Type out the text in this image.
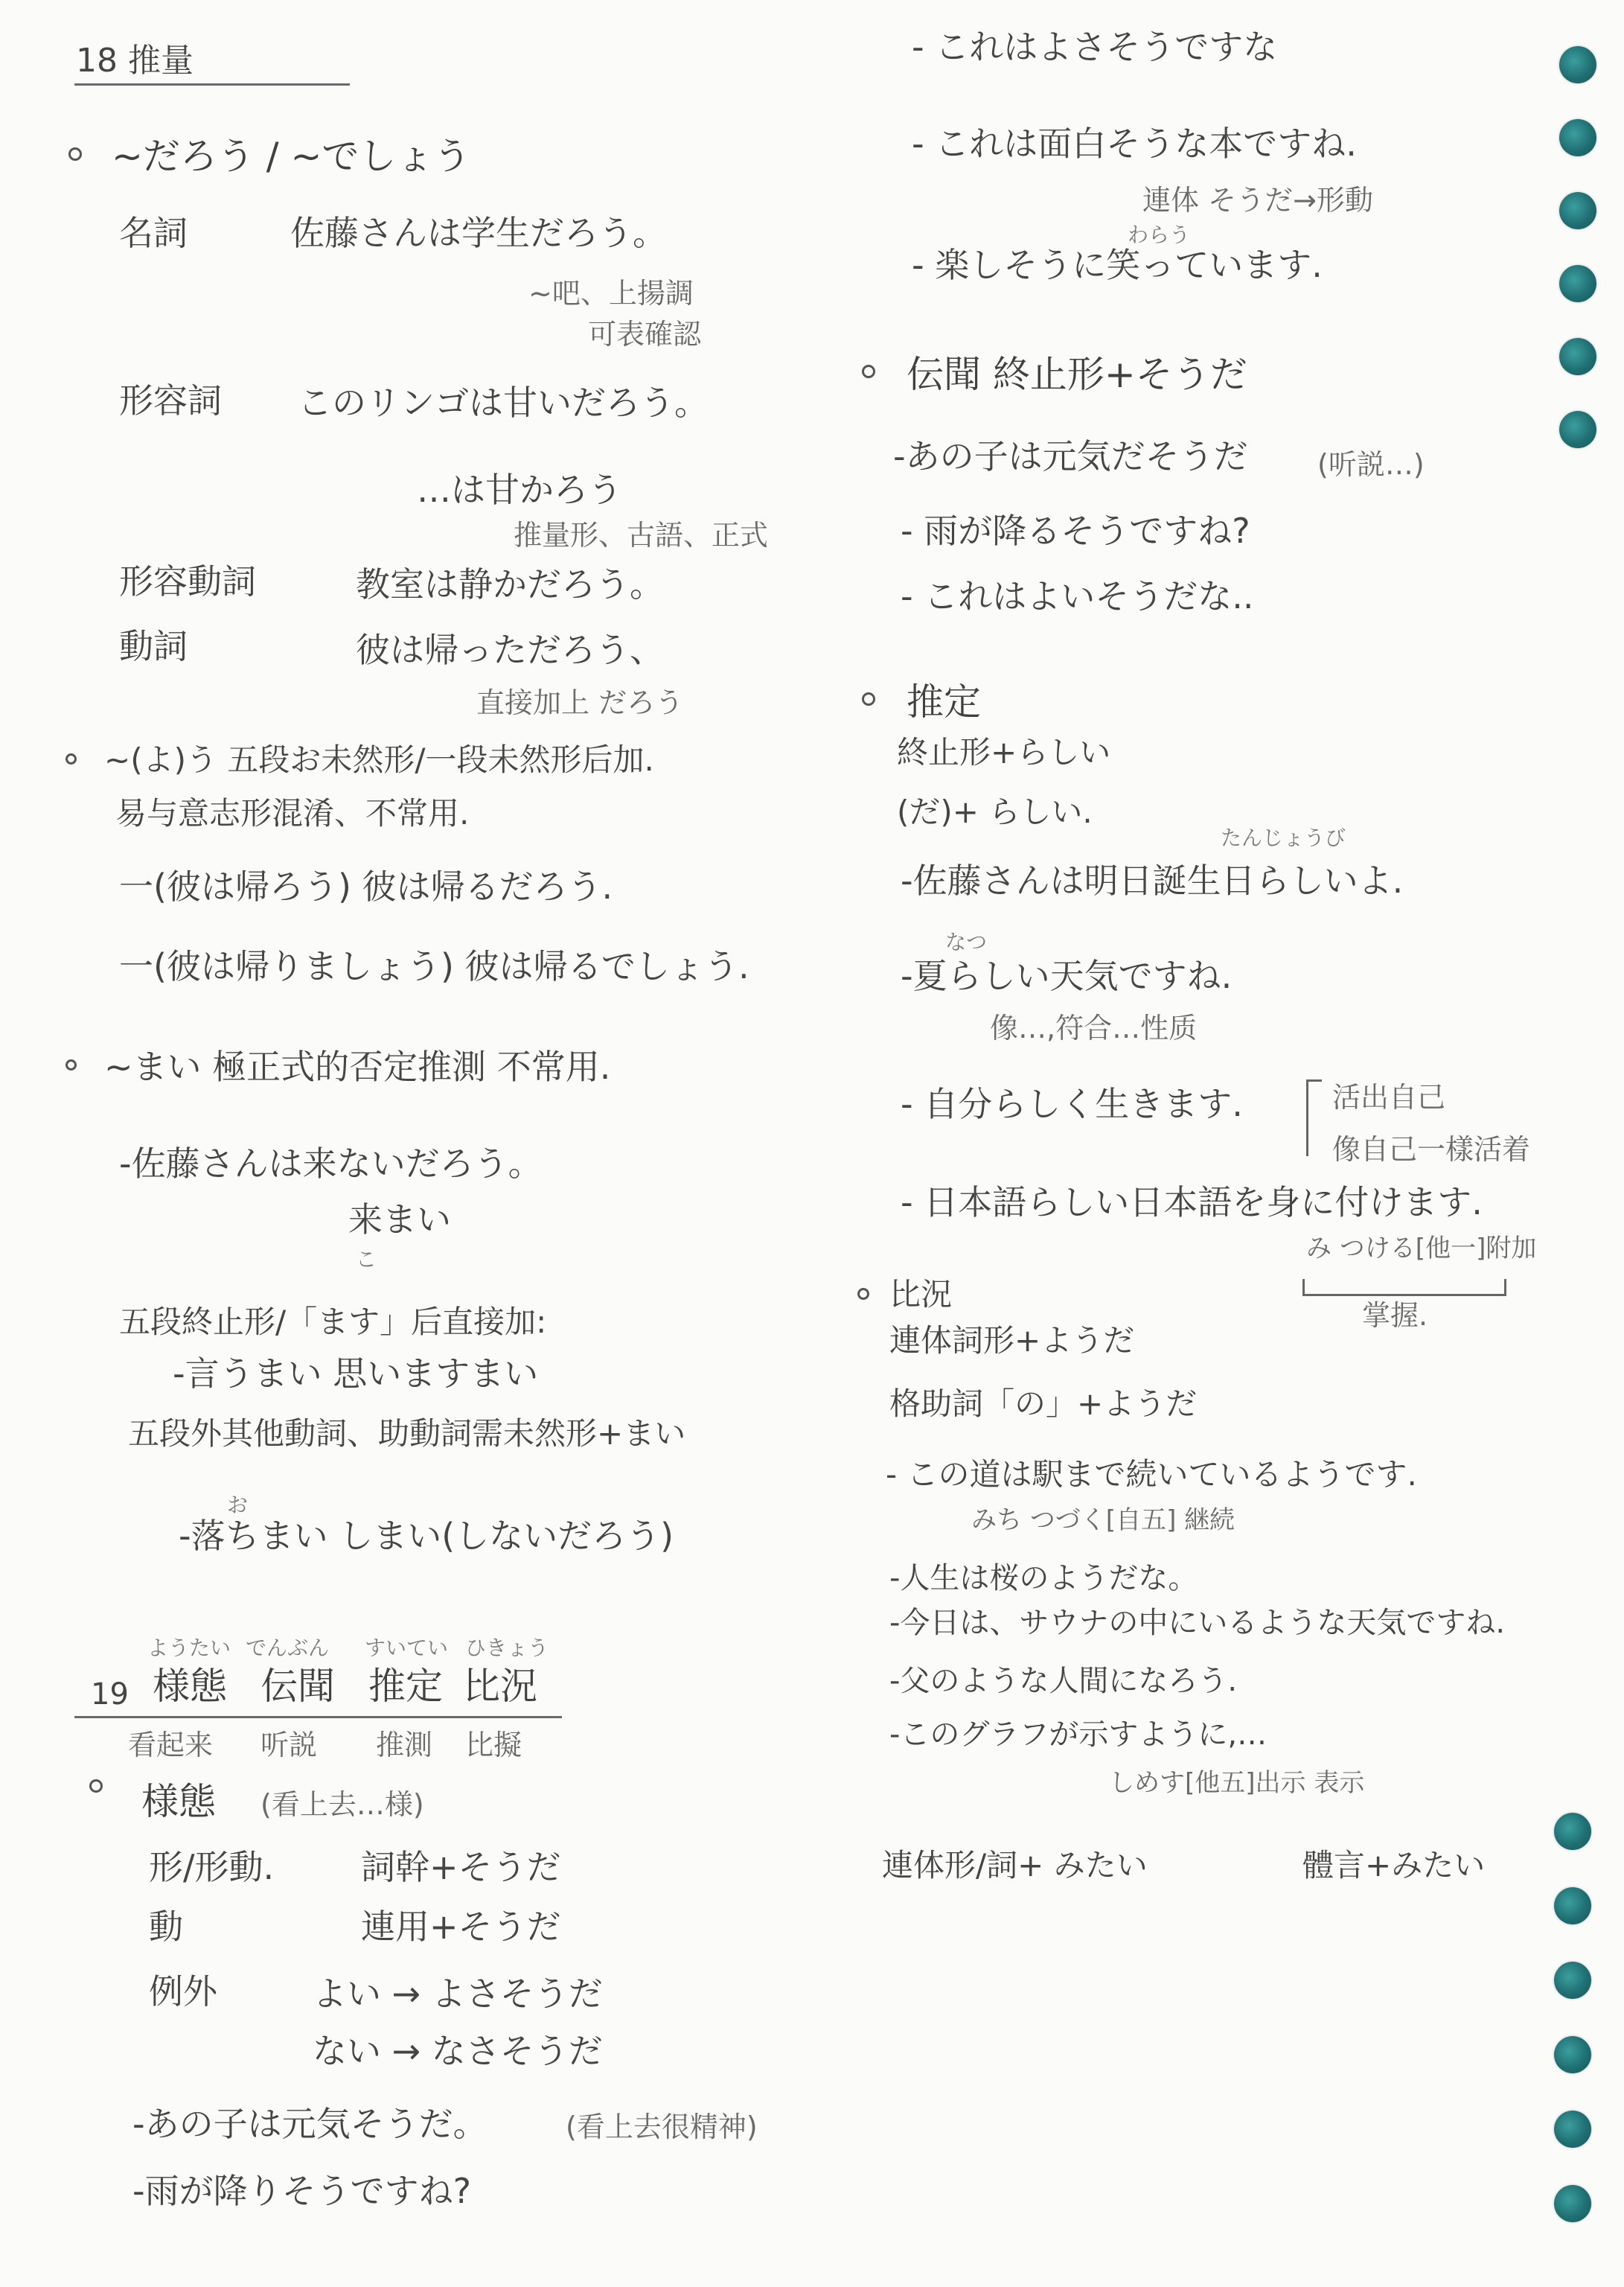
18 推量
~だろう / ~でしょう
名詞	佐藤さんは学生だろう。
~吧、上揚調
可表確認
形容詞 このリンゴは甘いだろう。
…は甘かろう
推量形、古語、正式
形容動詞	教室は静かだろう。
動詞	彼は帰っただろう、
直接加上 だろう
~(よ)う 五段お未然形/一段未然形后加.
易与意志形混淆、不常用.
一(彼は帰ろう) 彼は帰るだろう.
一(彼は帰りましょう) 彼は帰るでしょう.
~まい 極正式的否定推測 不常用.
-佐藤さんは来ないだろう。
来まい
こ
五段終止形/「ます」后直接加:
-言うまい 思いますまい
五段外其他動詞、助動詞需未然形+まい
お
-落ちまい しまい(しないだろう)
ようたい でんぶん すいてい ひきょう
19 様態 伝聞 推定 比況
看起来 听説 推測 比擬
様態 (看上去…様)
形/形動.	詞幹+そうだ
動	連用+そうだ
例外	よい → よさそうだ
ない → なさそうだ
-あの子は元気そうだ。	(看上去很精神)
-雨が降りそうですね?
- これはよさそうですな
- これは面白そうな本ですね.
連体 そうだ→形動
わらう
- 楽しそうに笑っています.
伝聞 終止形+そうだ
-あの子は元気だそうだ (听説…)
- 雨が降るそうですね?
- これはよいそうだな..
推定
終止形+らしい
(だ)+ らしい.
たんじょうび
-佐藤さんは明日誕生日らしいよ.
なつ
-夏らしい天気ですね.
像…,符合…性质
- 自分らしく生きます.	活出自己
像自己一樣活着
- 日本語らしい日本語を身に付けます.
み つける[他一]附加
掌握.
比況
連体詞形+ようだ
格助詞「の」+ようだ
- この道は駅まで続いているようです.
みち つづく[自五] 継続
-人生は桜のようだな。
-今日は、サウナの中にいるような天気ですね.
-父のような人間になろう.
-このグラフが示すように,…
しめす[他五]出示 表示
連体形/詞+ みたい	體言+みたい
